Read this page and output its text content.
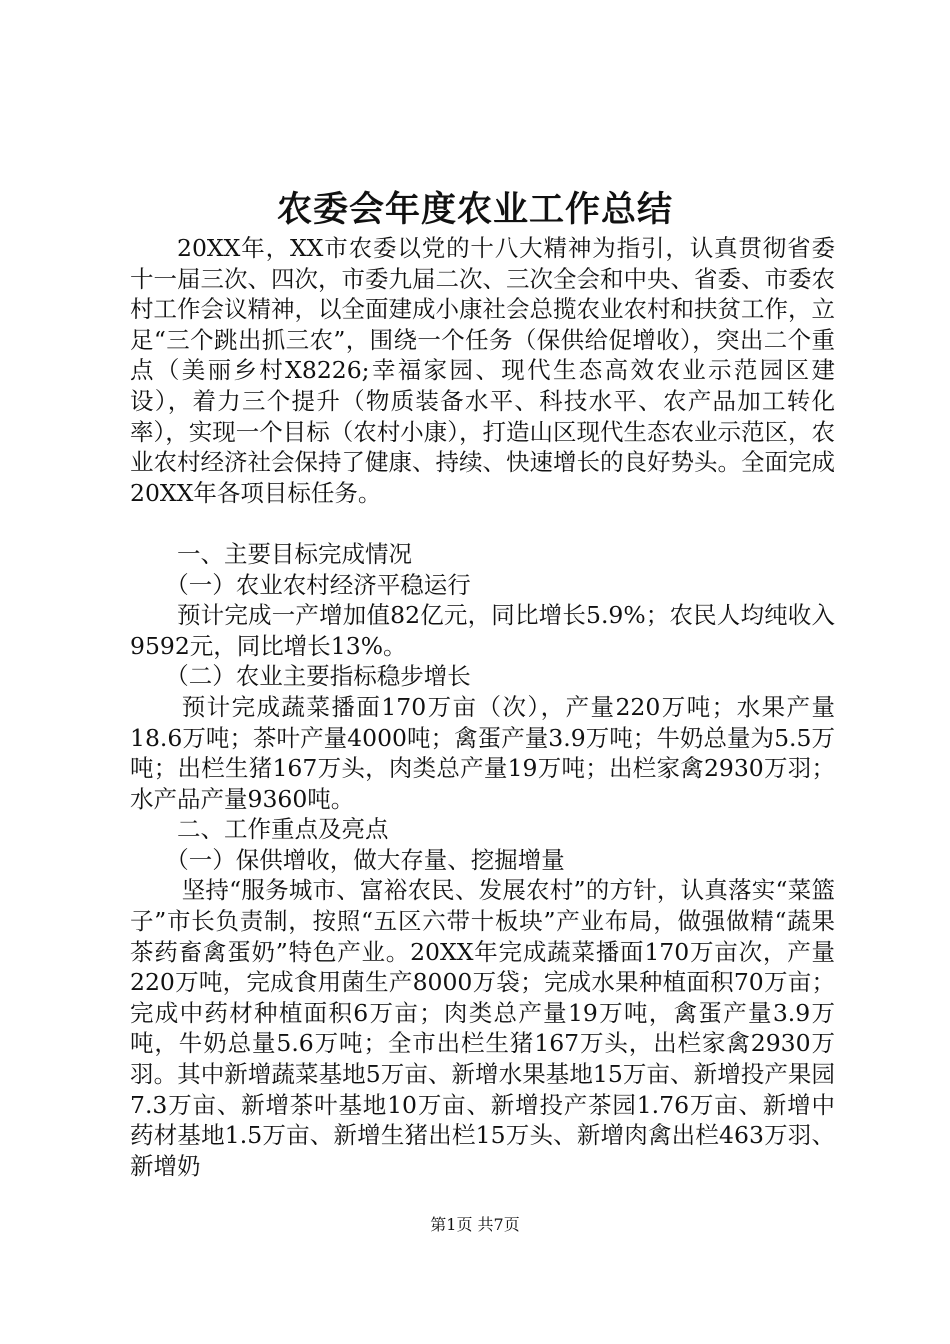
农委会年度农业工作总结

20XX年，XX市农委以党的十八大精神为指引，认真贯彻省委十一届三次、四次，市委九届二次、三次全会和中央、省委、市委农村工作会议精神，以全面建成小康社会总揽农业农村和扶贫工作，立足“三个跳出抓三农”，围绕一个任务（保供给促增收），突出二个重点（美丽乡村X8226;幸福家园、现代生态高效农业示范园区建设），着力三个提升（物质装备水平、科技水平、农产品加工转化率），实现一个目标（农村小康），打造山区现代生态农业示范区，农业农村经济社会保持了健康、持续、快速增长的良好势头。全面完成20XX年各项目标任务。

一、主要目标完成情况

（一）农业农村经济平稳运行

预计完成一产增加值82亿元，同比增长5.9%；农民人均纯收入9592元，同比增长13%。

（二）农业主要指标稳步增长

预计完成蔬菜播面170万亩（次），产量220万吨；水果产量18.6万吨；茶叶产量4000吨；禽蛋产量3.9万吨；牛奶总量为5.5万吨；出栏生猪167万头，肉类总产量19万吨；出栏家禽2930万羽；水产品产量9360吨。

二、工作重点及亮点

（一）保供增收，做大存量、挖掘增量

坚持“服务城市、富裕农民、发展农村”的方针，认真落实“菜篮子”市长负责制，按照“五区六带十板块”产业布局，做强做精“蔬果茶药畜禽蛋奶”特色产业。20XX年完成蔬菜播面170万亩次，产量220万吨，完成食用菌生产8000万袋；完成水果种植面积70万亩；完成中药材种植面积6万亩；肉类总产量19万吨，禽蛋产量3.9万吨，牛奶总量5.6万吨；全市出栏生猪167万头，出栏家禽2930万羽。其中新增蔬菜基地5万亩、新增水果基地15万亩、新增投产果园7.3万亩、新增茶叶基地10万亩、新增投产茶园1.76万亩、新增中药材基地1.5万亩、新增生猪出栏15万头、新增肉禽出栏463万羽、新增奶

第1页 共7页
